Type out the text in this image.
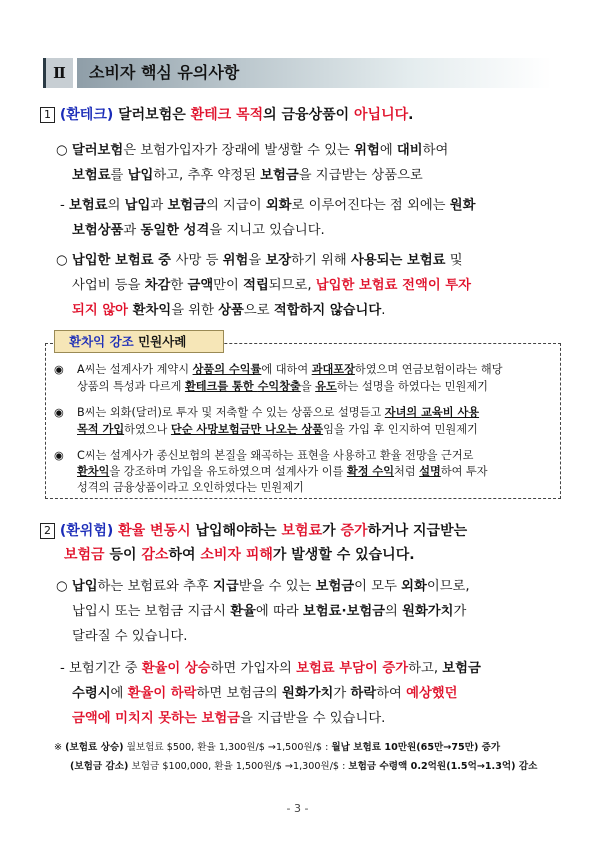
Ⅱ	소비자 핵심 유의사항
1 (환테크) 달러보험은 환테크 목적의 금융상품이 아닙니다.
○ 달러보험은 보험가입자가 장래에 발생할 수 있는 위험에 대비하여
보험료를 납입하고, 추후 약정된 보험금을 지급받는 상품으로
- 보험료의 납입과 보험금의 지급이 외화로 이루어진다는 점 외에는 원화
보험상품과 동일한 성격을 지니고 있습니다.
○ 납입한 보험료 중 사망 등 위험을 보장하기 위해 사용되는 보험료 및
사업비 등을 차감한 금액만이 적립되므로, 납입한 보험료 전액이 투자
되지 않아 환차익을 위한 상품으로 적합하지 않습니다.
환차익 강조 민원사례
◉ A씨는 설계사가 계약시 상품의 수익률에 대하여 과대포장하였으며 연금보험이라는 해당
상품의 특성과 다르게 환테크를 통한 수익창출을 유도하는 설명을 하였다는 민원제기
◉ B씨는 외화(달러)로 투자 및 저축할 수 있는 상품으로 설명듣고 자녀의 교육비 사용
목적 가입하였으나 단순 사망보험금만 나오는 상품임을 가입 후 인지하여 민원제기
◉ C씨는 설계사가 종신보험의 본질을 왜곡하는 표현을 사용하고 환율 전망을 근거로
환차익을 강조하며 가입을 유도하였으며 설계사가 이를 확정 수익처럼 설명하여 투자
성격의 금융상품이라고 오인하였다는 민원제기
2 (환위험) 환율 변동시 납입해야하는 보험료가 증가하거나 지급받는
보험금 등이 감소하여 소비자 피해가 발생할 수 있습니다.
○ 납입하는 보험료와 추후 지급받을 수 있는 보험금이 모두 외화이므로,
납입시 또는 보험금 지급시 환율에 따라 보험료·보험금의 원화가치가
달라질 수 있습니다.
- 보험기간 중 환율이 상승하면 가입자의 보험료 부담이 증가하고, 보험금
수령시에 환율이 하락하면 보험금의 원화가치가 하락하여 예상했던
금액에 미치지 못하는 보험금을 지급받을 수 있습니다.
※ (보험료 상승) 월보험료 $500, 환율 1,300원/$ →1,500원/$ : 월납 보험료 10만원(65만→75만) 증가
(보험금 감소) 보험금 $100,000, 환율 1,500원/$ →1,300원/$ : 보험금 수령액 0.2억원(1.5억→1.3억) 감소
- 3 -
